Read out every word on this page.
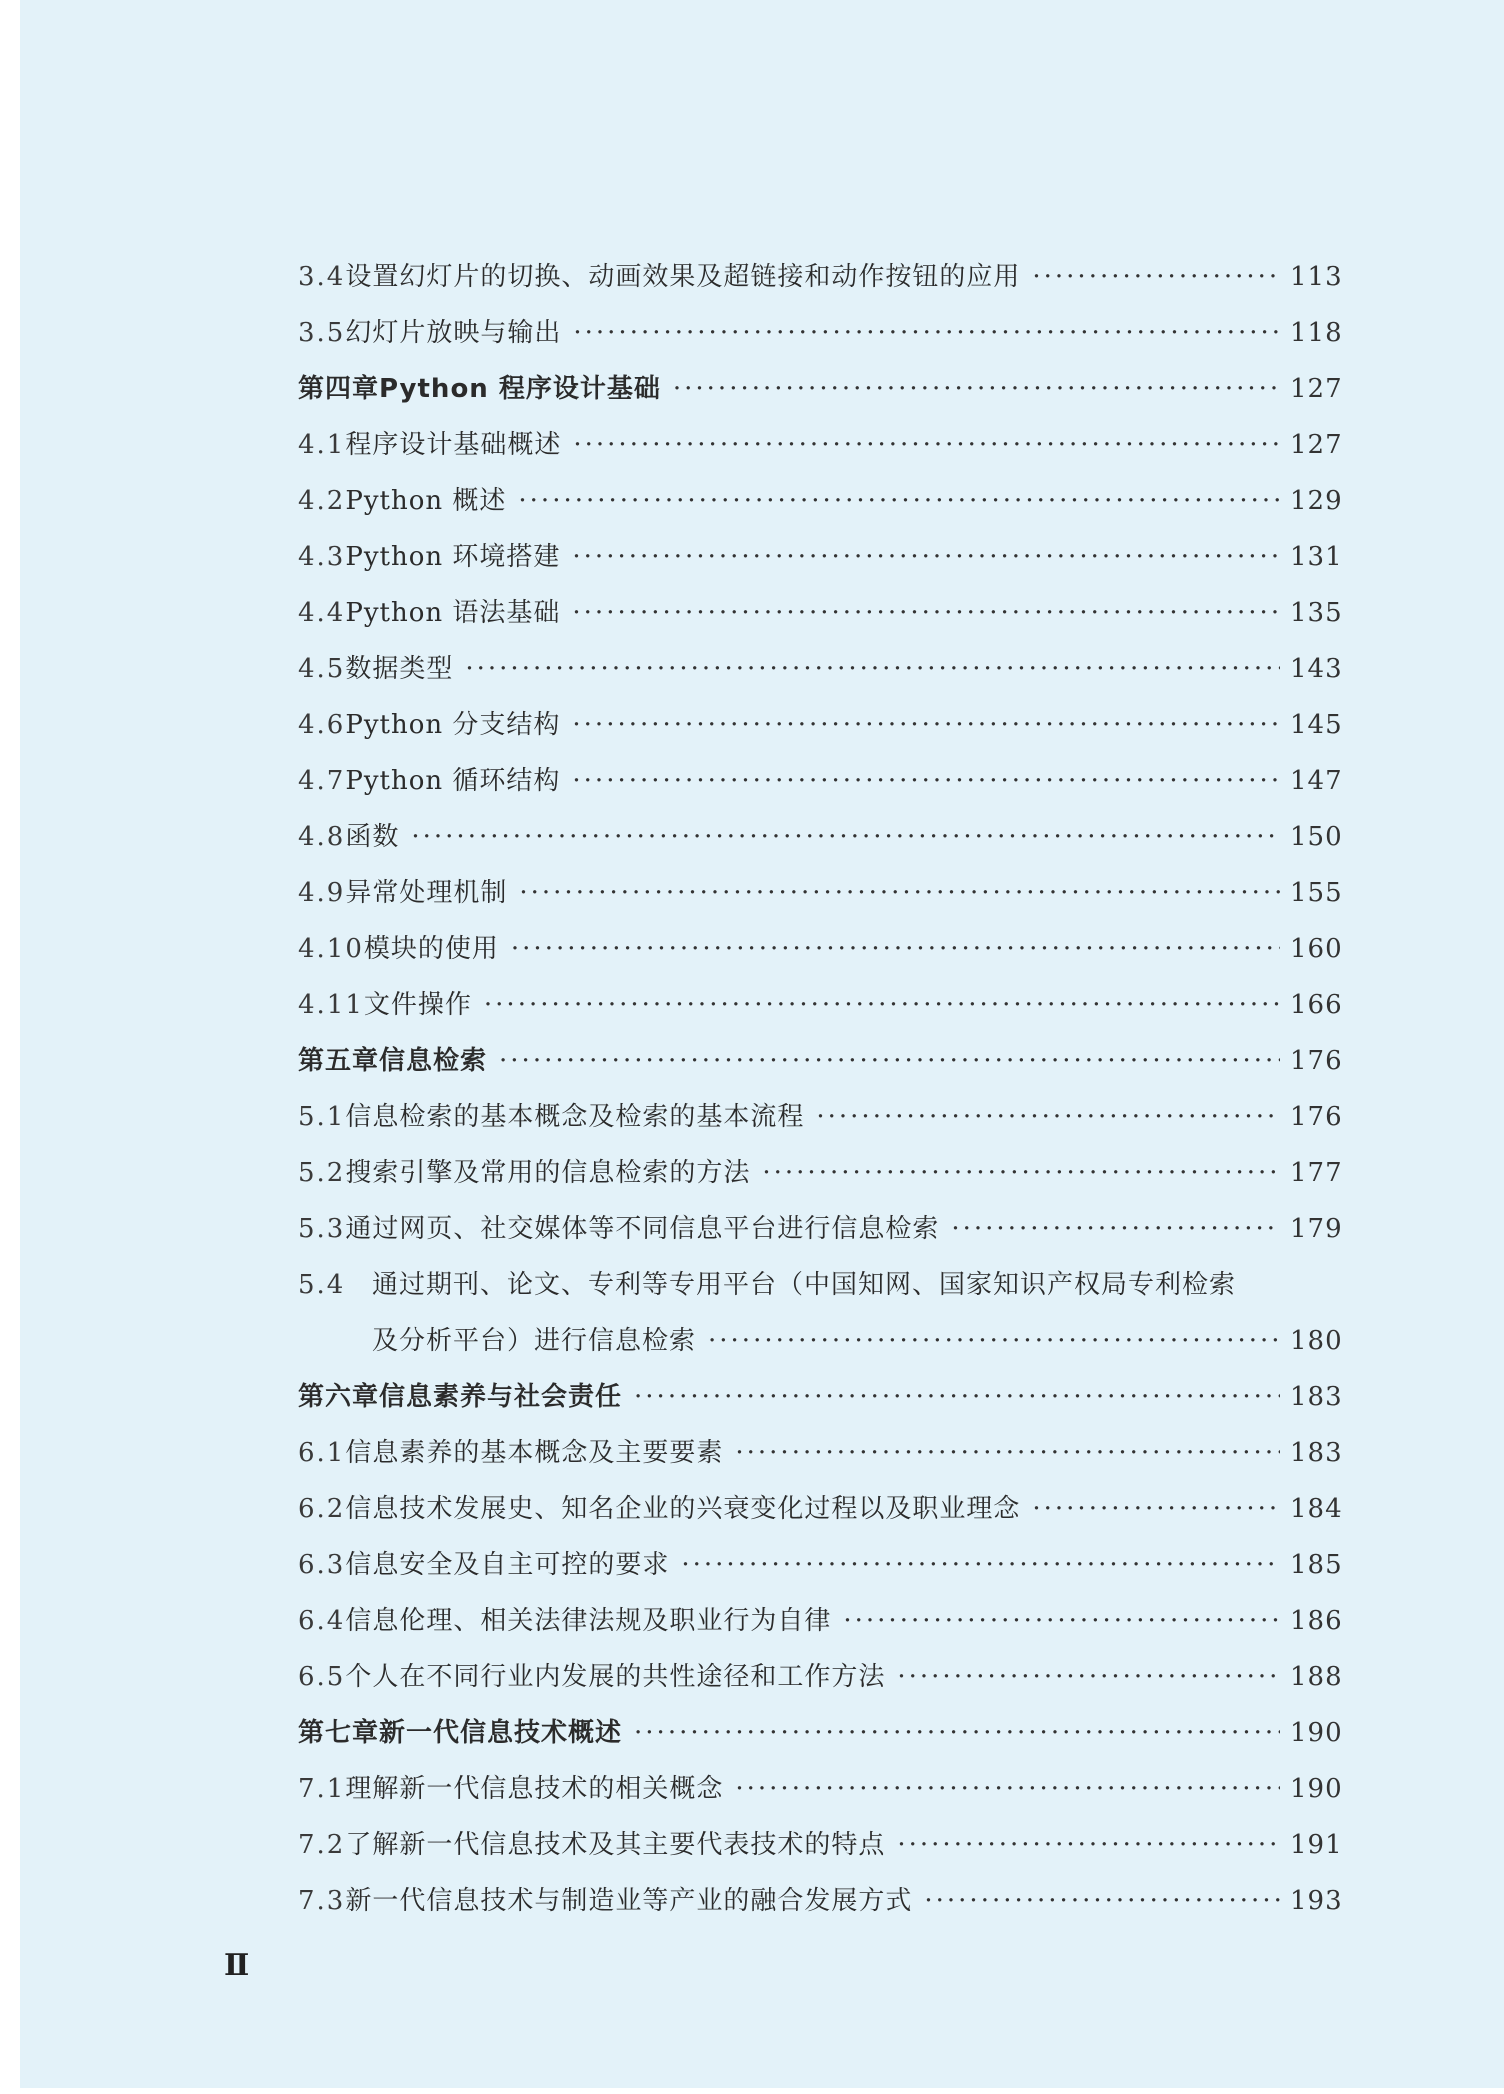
3.4 设置幻灯片的切换、动画效果及超链接和动作按钮的应用 ·····	113
3.5 幻灯片放映与输出 ·····	118
第四章 Python 程序设计基础 ·····	127
4.1 程序设计基础概述 ·····	127
4.2 Python 概述 ·····	129
4.3 Python 环境搭建 ·····	131
4.4 Python 语法基础 ·····	135
4.5 数据类型 ·····	143
4.6 Python 分支结构 ·····	145
4.7 Python 循环结构 ·····	147
4.8 函数 ·····	150
4.9 异常处理机制 ·····	155
4.10 模块的使用 ·····	160
4.11 文件操作 ·····	166
第五章 信息检索 ·····	176
5.1 信息检索的基本概念及检索的基本流程 ·····	176
5.2 搜索引擎及常用的信息检索的方法 ·····	177
5.3 通过网页、社交媒体等不同信息平台进行信息检索 ·····	179
5.4	通过期刊、论文、专利等专用平台（中国知网、国家知识产权局专利检索
及分析平台）进行信息检索 ·····	180
第六章 信息素养与社会责任 ·····	183
6.1 信息素养的基本概念及主要要素 ·····	183
6.2 信息技术发展史、知名企业的兴衰变化过程以及职业理念 ·····	184
6.3 信息安全及自主可控的要求 ·····	185
6.4 信息伦理、相关法律法规及职业行为自律 ·····	186
6.5 个人在不同行业内发展的共性途径和工作方法 ·····	188
第七章 新一代信息技术概述 ·····	190
7.1 理解新一代信息技术的相关概念 ·····	190
7.2 了解新一代信息技术及其主要代表技术的特点 ·····	191
7.3 新一代信息技术与制造业等产业的融合发展方式 ·····	193
Ⅱ
